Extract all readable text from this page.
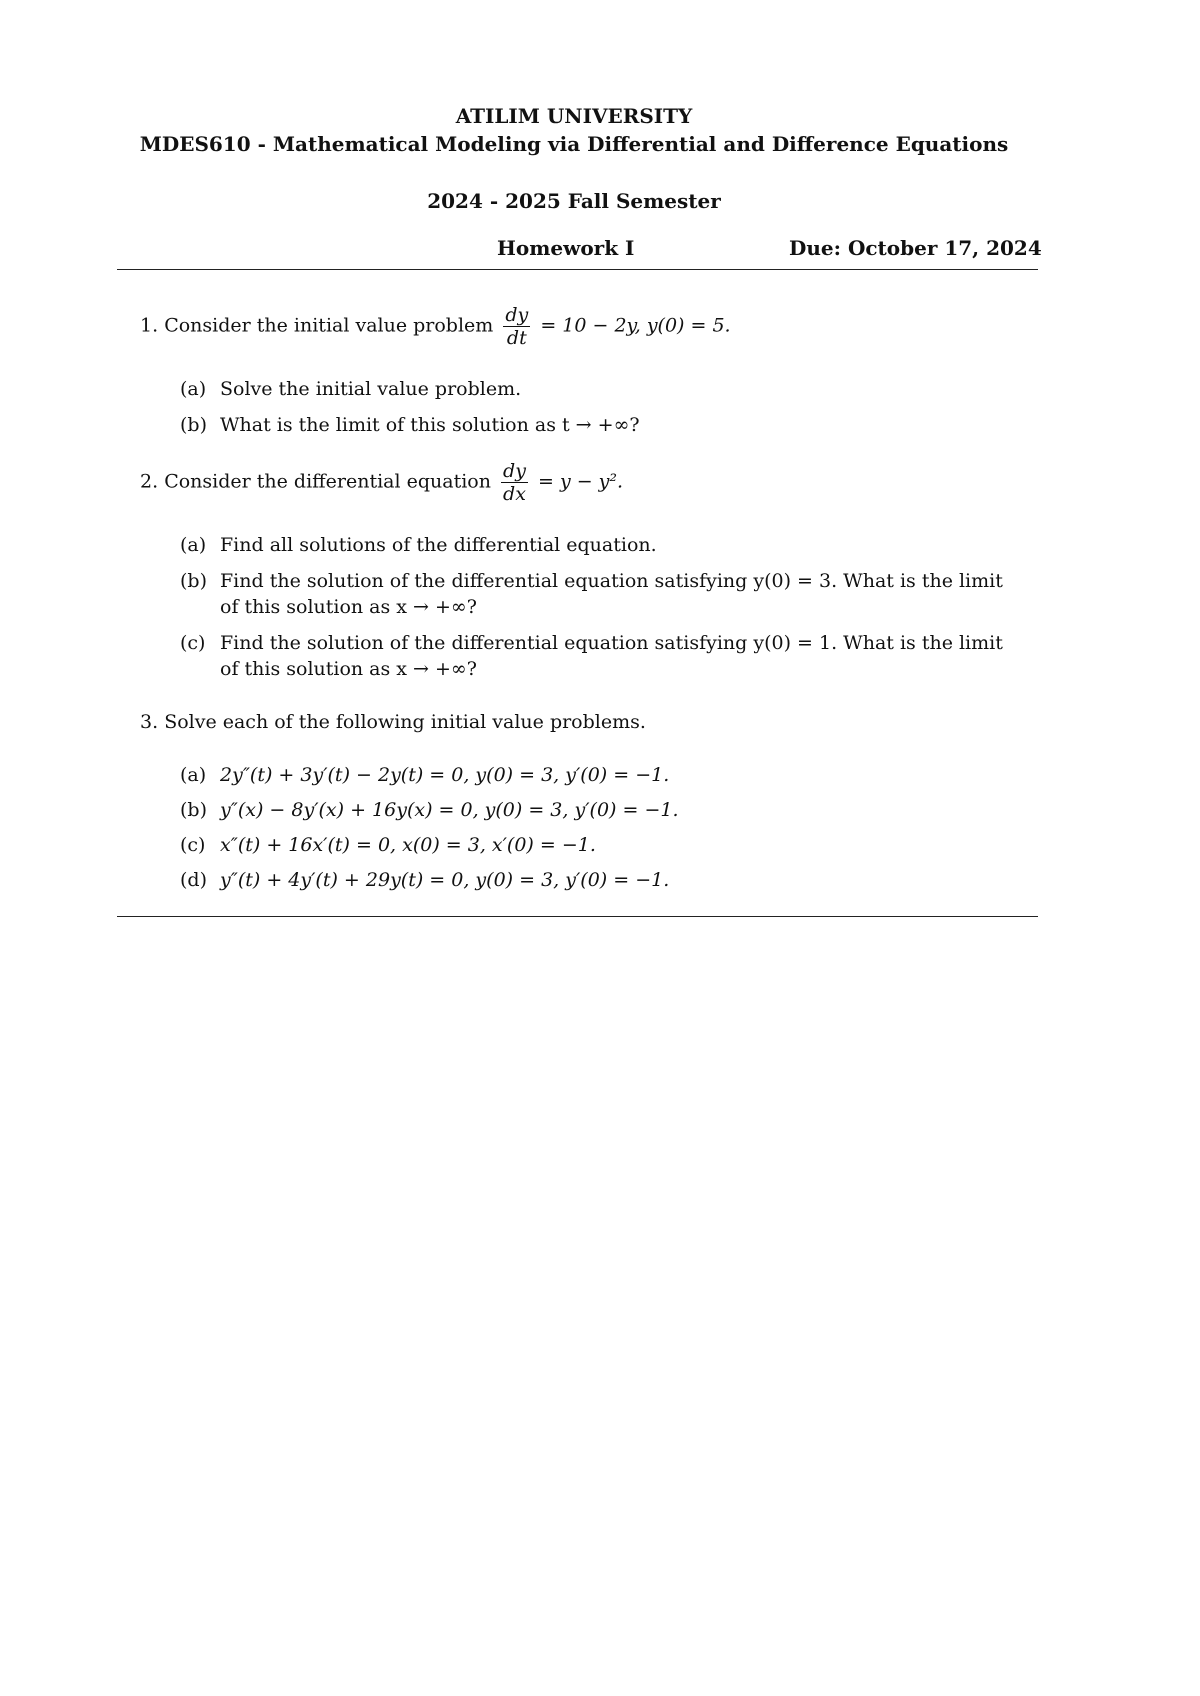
ATILIM UNIVERSITY
MDES610 - Mathematical Modeling via Differential and Difference Equations
2024 - 2025 Fall Semester
Homework I	Due: October 17, 2024
1. Consider the initial value problem $\frac{dy}{dt} = 10 - 2y$, y(0) = 5.
(a) Solve the initial value problem.
(b) What is the limit of this solution as t → +∞?
2. Consider the differential equation $\frac{dy}{dx} = y - y^2$.
(a) Find all solutions of the differential equation.
(b) Find the solution of the differential equation satisfying y(0) = 3. What is the limit
of this solution as x → +∞?
(c) Find the solution of the differential equation satisfying y(0) = 1. What is the limit
of this solution as x → +∞?
3. Solve each of the following initial value problems.
(a) 2y″(t) + 3y′(t) − 2y(t) = 0, y(0) = 3, y′(0) = −1.
(b) y″(x) − 8y′(x) + 16y(x) = 0, y(0) = 3, y′(0) = −1.
(c) x″(t) + 16x′(t) = 0, x(0) = 3, x′(0) = −1.
(d) y″(t) + 4y′(t) + 29y(t) = 0, y(0) = 3, y′(0) = −1.
